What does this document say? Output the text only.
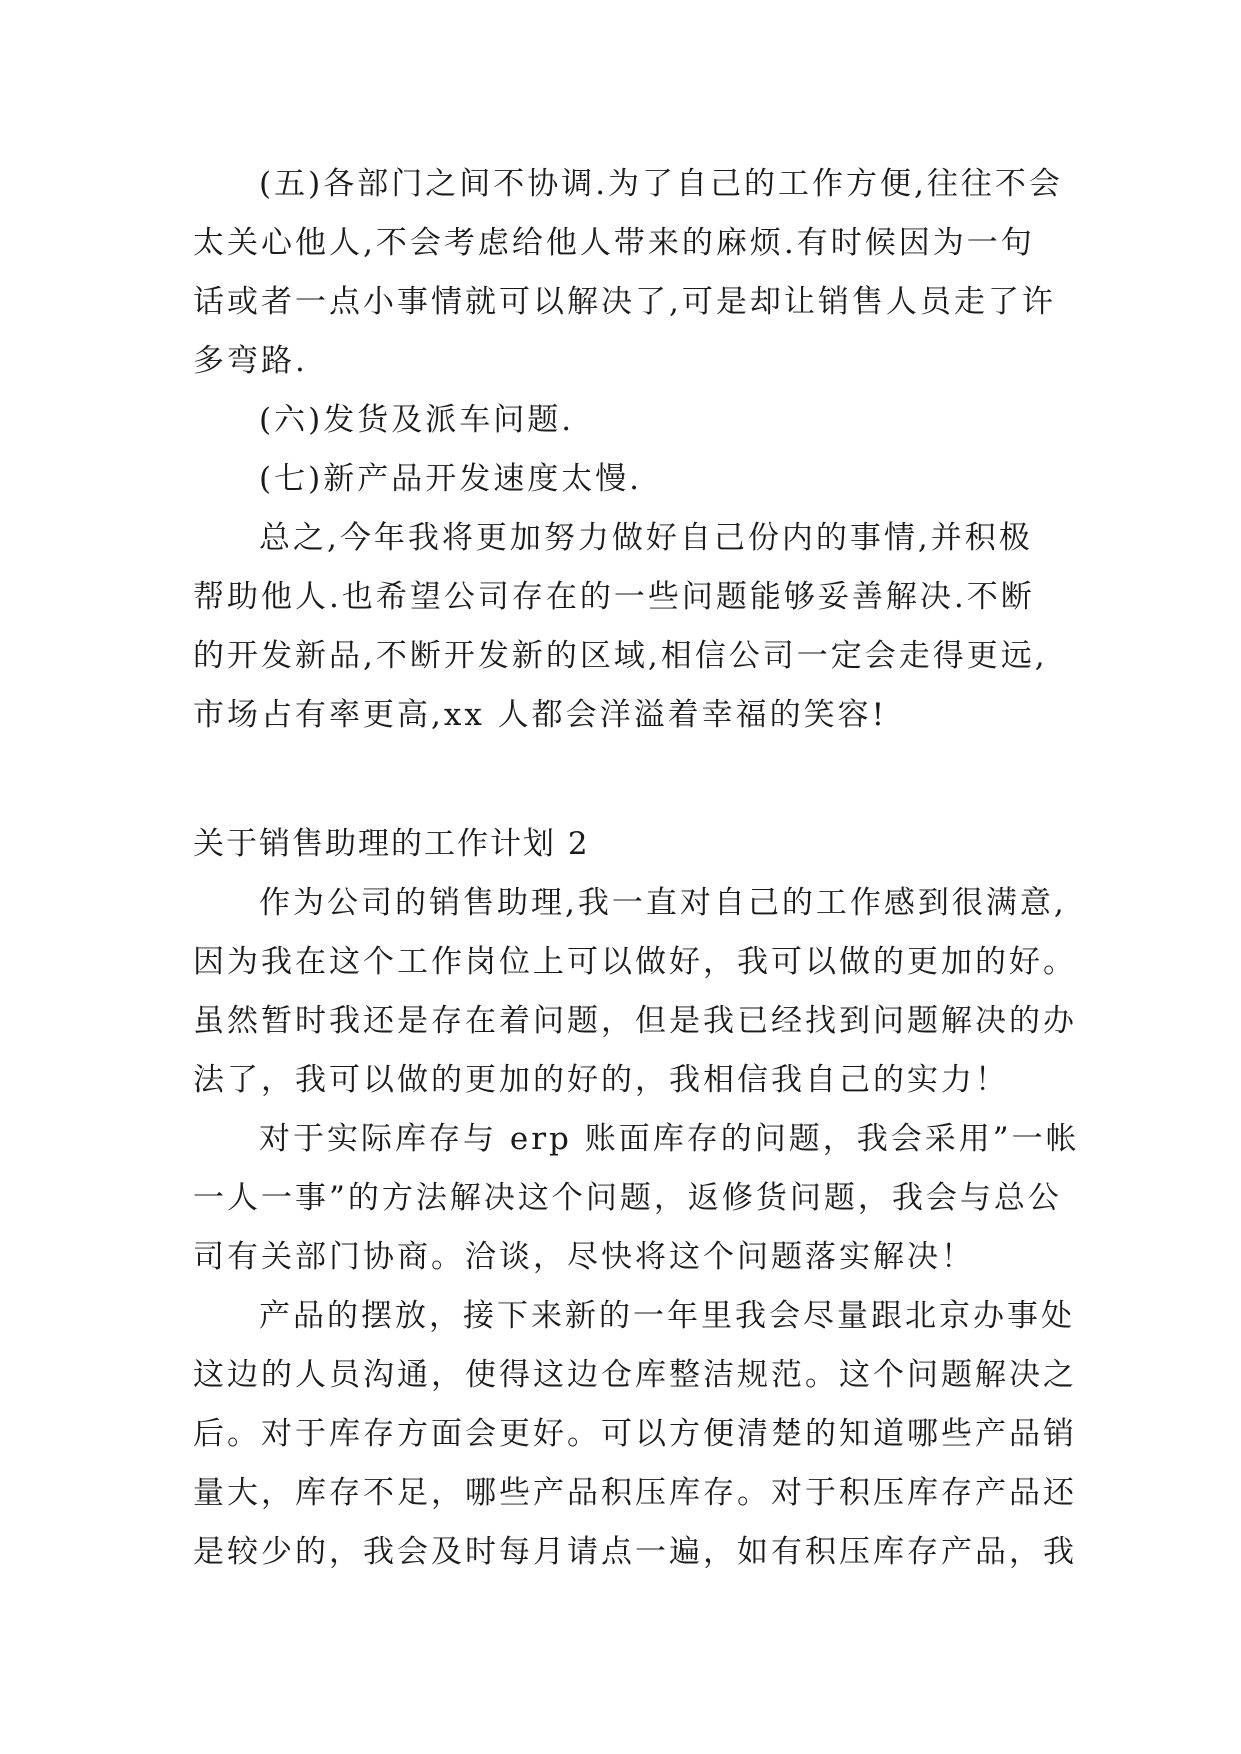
(五)各部门之间不协调.为了自己的工作方便,往往不会
太关心他人,不会考虑给他人带来的麻烦.有时候因为一句
话或者一点小事情就可以解决了,可是却让销售人员走了许
多弯路.

(六)发货及派车问题.

(七)新产品开发速度太慢.

总之,今年我将更加努力做好自己份内的事情,并积极
帮助他人.也希望公司存在的一些问题能够妥善解决.不断
的开发新品,不断开发新的区域,相信公司一定会走得更远,
市场占有率更高,xx 人都会洋溢着幸福的笑容!

关于销售助理的工作计划 2

作为公司的销售助理,我一直对自己的工作感到很满意,
因为我在这个工作岗位上可以做好，我可以做的更加的好。
虽然暂时我还是存在着问题，但是我已经找到问题解决的办
法了，我可以做的更加的好的，我相信我自己的实力！

对于实际库存与 erp 账面库存的问题，我会采用”一帐
一人一事”的方法解决这个问题，返修货问题，我会与总公
司有关部门协商。洽谈，尽快将这个问题落实解决！

产品的摆放，接下来新的一年里我会尽量跟北京办事处
这边的人员沟通，使得这边仓库整洁规范。这个问题解决之
后。对于库存方面会更好。可以方便清楚的知道哪些产品销
量大，库存不足，哪些产品积压库存。对于积压库存产品还
是较少的，我会及时每月请点一遍，如有积压库存产品，我
